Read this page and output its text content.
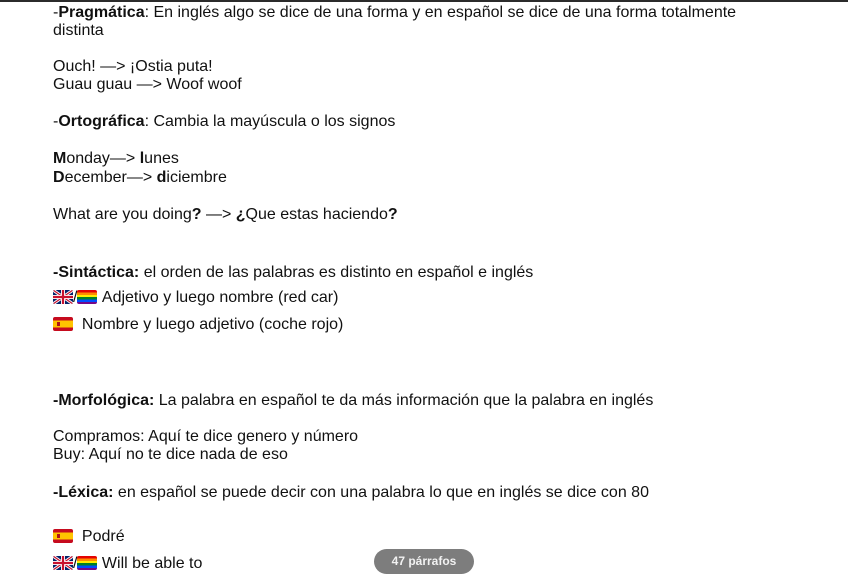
-Pragmática: En inglés algo se dice de una forma y en español se dice de una forma totalmente
distinta
Ouch! —> ¡Ostia puta!
Guau guau —> Woof woof
-Ortográfica: Cambia la mayúscula o los signos
Monday—> lunes
December—> diciembre
What are you doing? —> ¿Que estas haciendo?
-Sintáctica: el orden de las palabras es distinto en español e inglés
/ Adjetivo y luego nombre (red car)
Nombre y luego adjetivo (coche rojo)
-Morfológica: La palabra en español te da más información que la palabra en inglés
Compramos: Aquí te dice genero y número
Buy: Aquí no te dice nada de eso
-Léxica: en español se puede decir con una palabra lo que en inglés se dice con 80
Podré
/ Will be able to	47 párrafos
